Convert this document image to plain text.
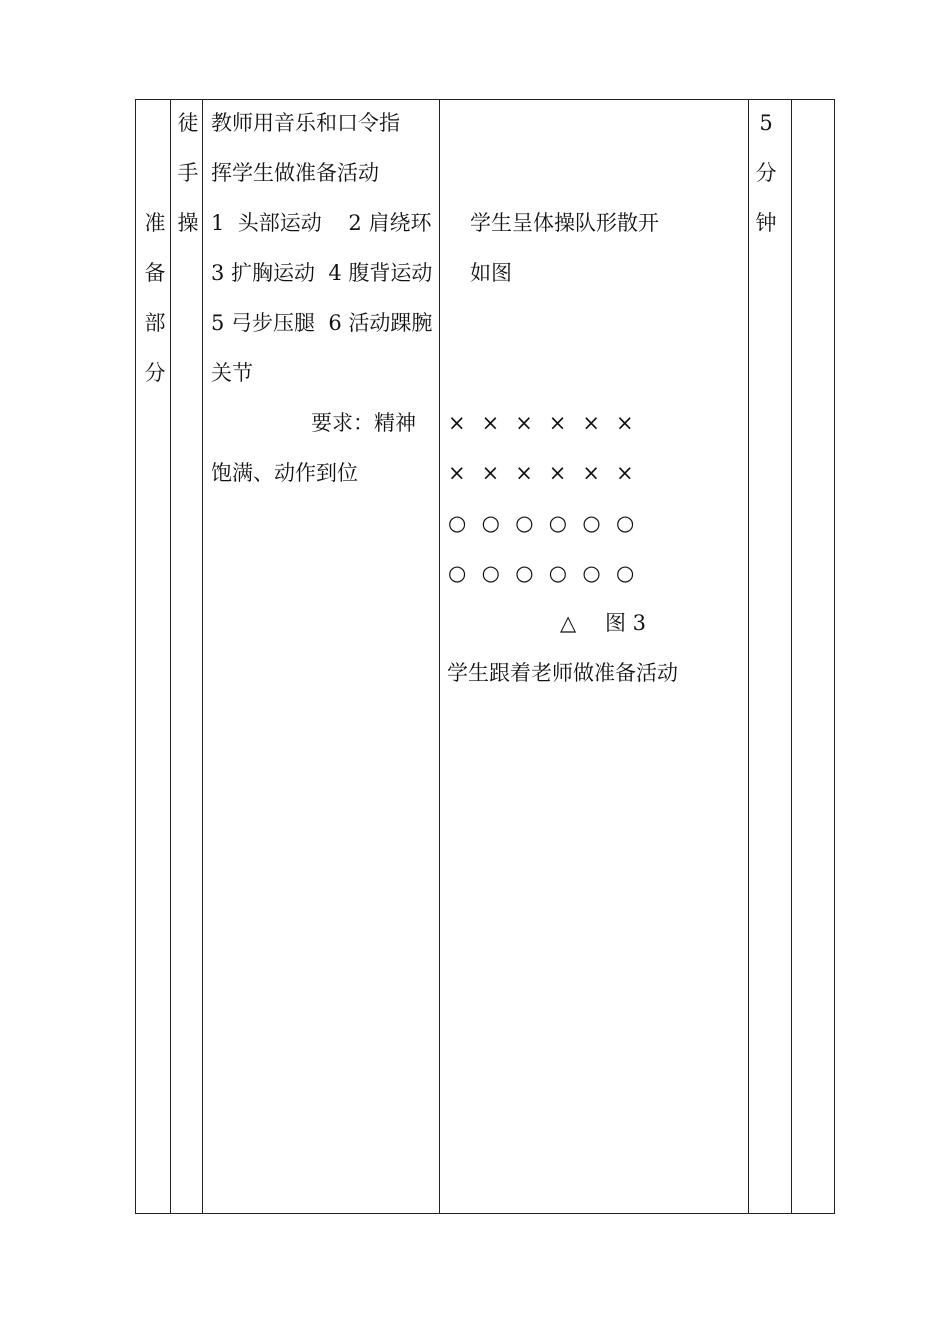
准
备
部
分
徒
手
操
教师用音乐和口令指
挥学生做准备活动
1  头部运动    2 肩绕环
3 扩胸运动  4 腹背运动
5 弓步压腿  6 活动踝腕
关节
要求：精神
饱满、动作到位
学生呈体操队形散开
如图
× × × × × ×
× × × × × ×
○ ○ ○ ○ ○ ○
○ ○ ○ ○ ○ ○
△ 图 3
学生跟着老师做准备活动
5
分
钟
